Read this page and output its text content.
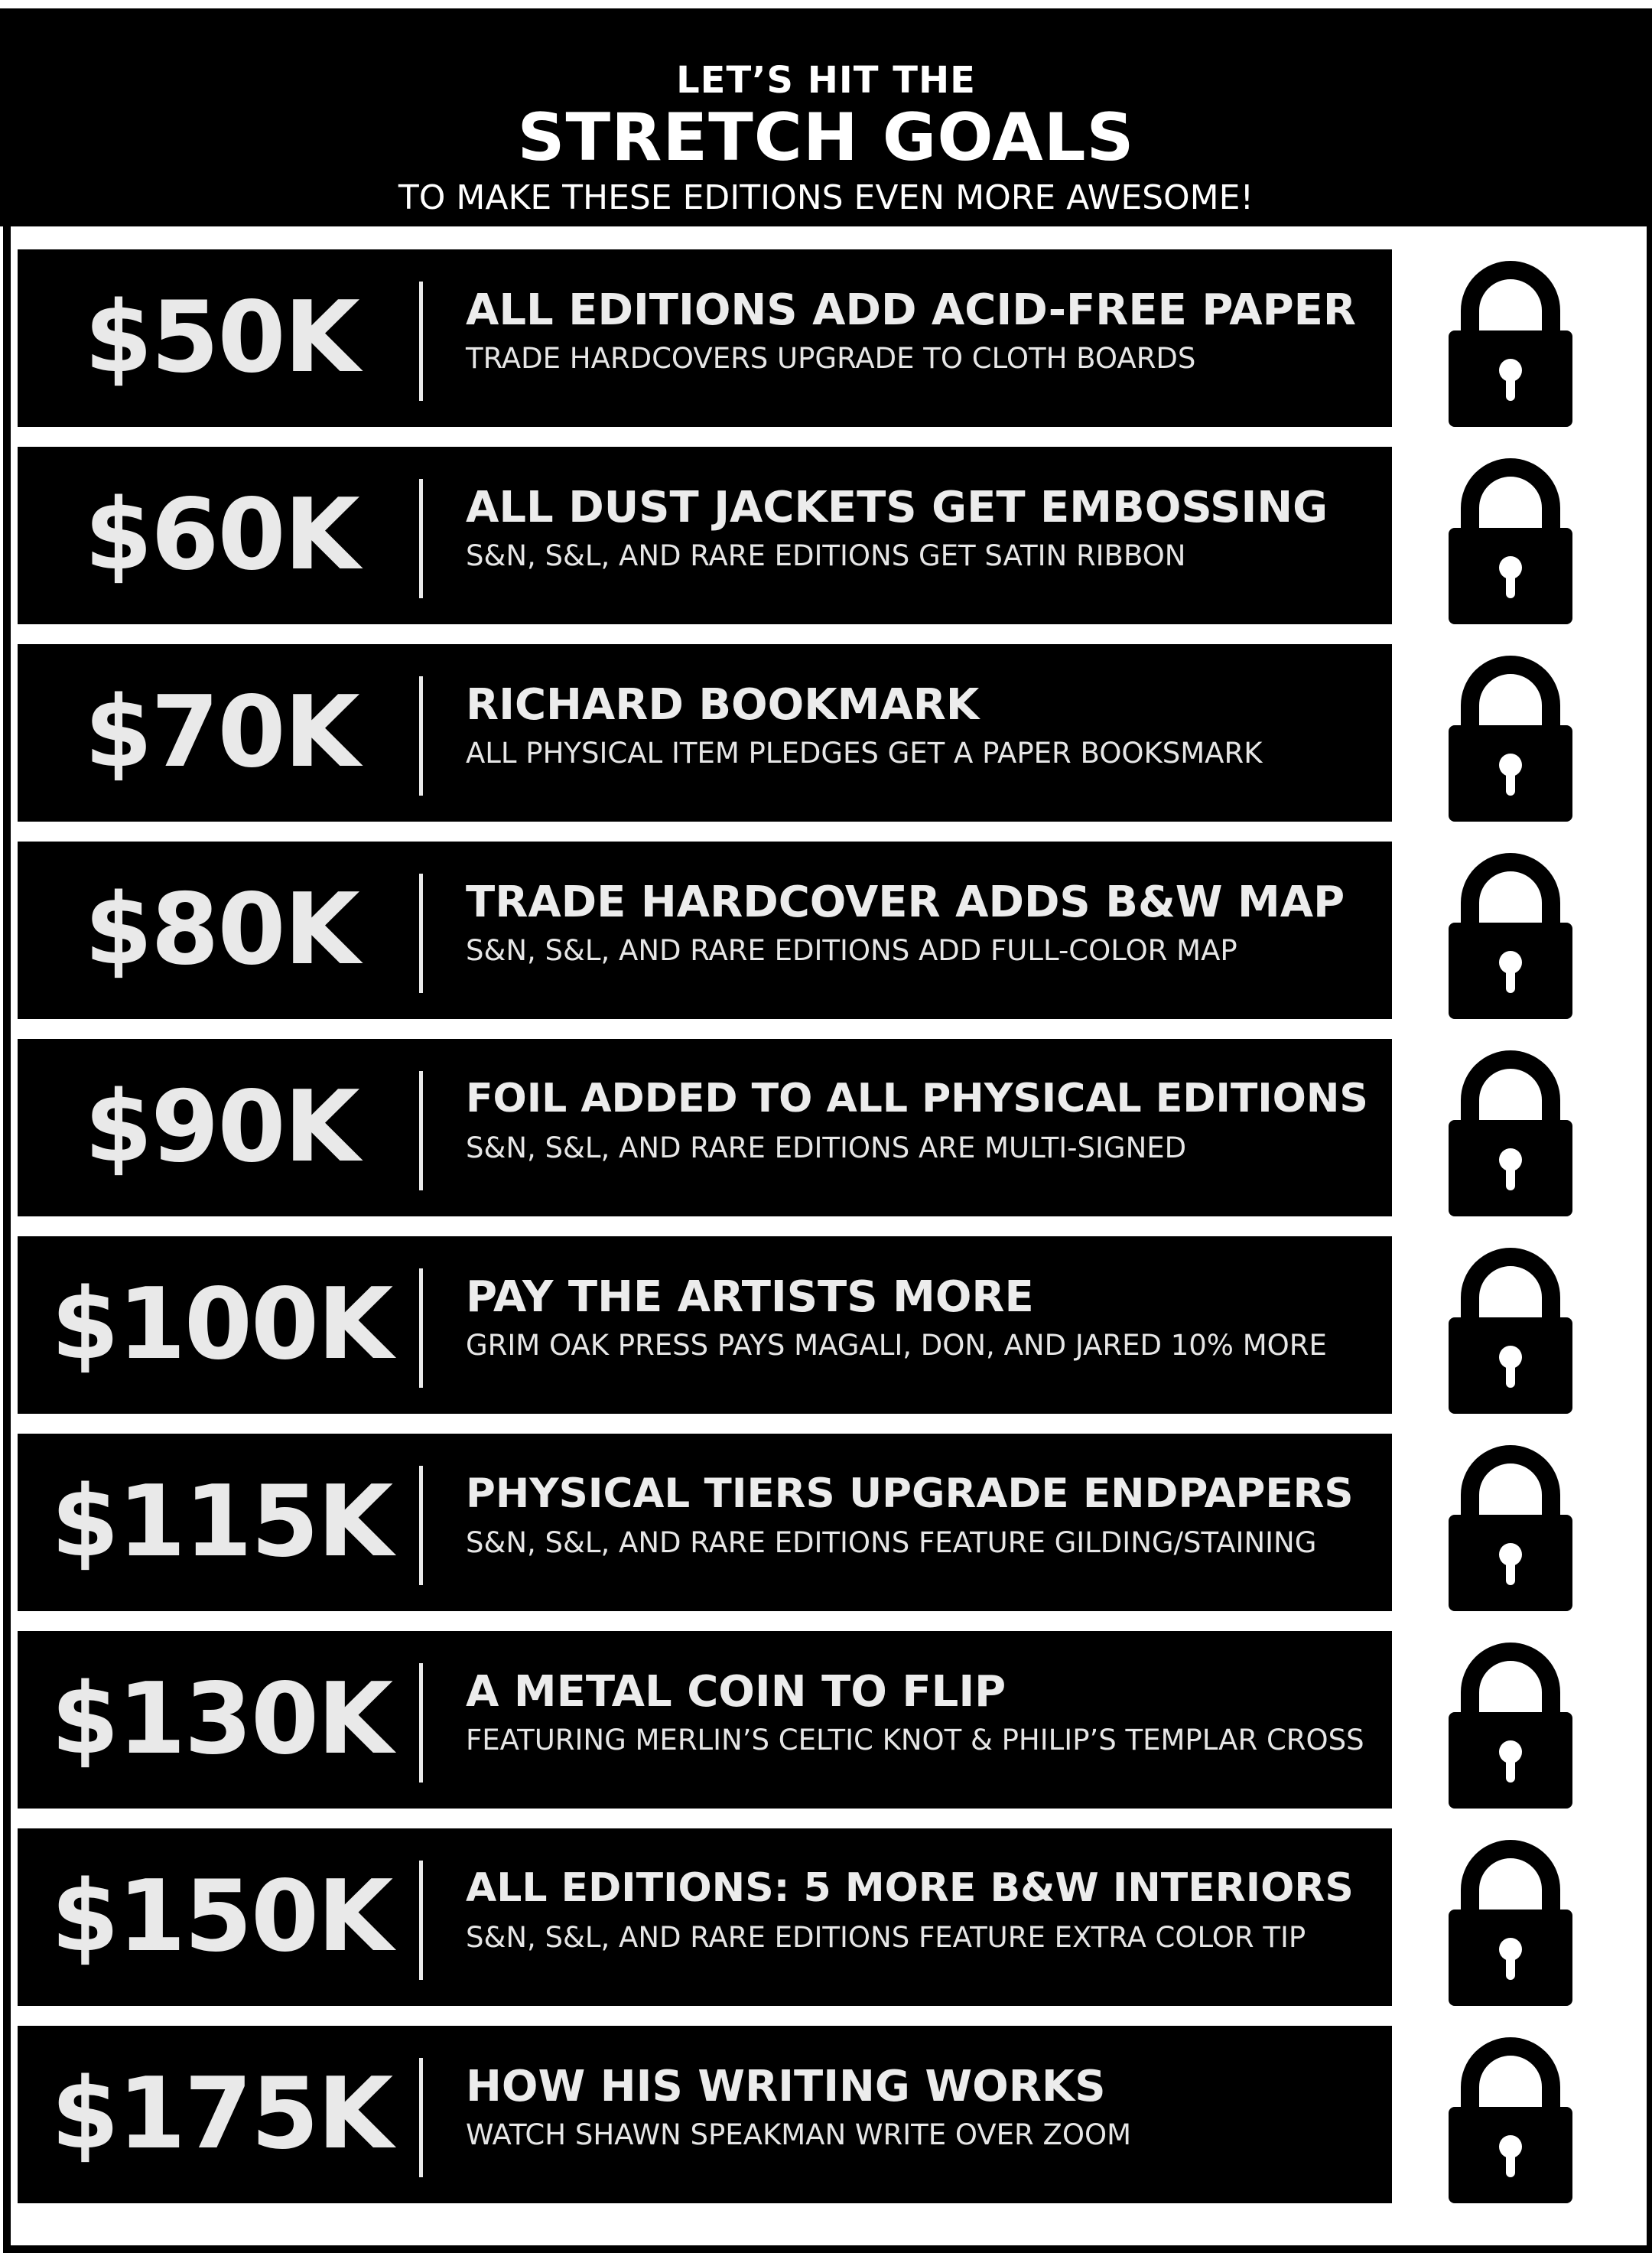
LET’S HIT THE
STRETCH GOALS
TO MAKE THESE EDITIONS EVEN MORE AWESOME!
$50K	ALL EDITIONS ADD ACID-FREE PAPER
TRADE HARDCOVERS UPGRADE TO CLOTH BOARDS
$60K	ALL DUST JACKETS GET EMBOSSING
S&N, S&L, AND RARE EDITIONS GET SATIN RIBBON
$70K	RICHARD BOOKMARK
ALL PHYSICAL ITEM PLEDGES GET A PAPER BOOKSMARK
$80K	TRADE HARDCOVER ADDS B&W MAP
S&N, S&L, AND RARE EDITIONS ADD FULL-COLOR MAP
$90K	FOIL ADDED TO ALL PHYSICAL EDITIONS
S&N, S&L, AND RARE EDITIONS ARE MULTI-SIGNED
$100K	PAY THE ARTISTS MORE
GRIM OAK PRESS PAYS MAGALI, DON, AND JARED 10% MORE
$115K	PHYSICAL TIERS UPGRADE ENDPAPERS
S&N, S&L, AND RARE EDITIONS FEATURE GILDING/STAINING
$130K	A METAL COIN TO FLIP
FEATURING MERLIN’S CELTIC KNOT & PHILIP’S TEMPLAR CROSS
$150K	ALL EDITIONS: 5 MORE B&W INTERIORS
S&N, S&L, AND RARE EDITIONS FEATURE EXTRA COLOR TIP
$175K	HOW HIS WRITING WORKS
WATCH SHAWN SPEAKMAN WRITE OVER ZOOM
